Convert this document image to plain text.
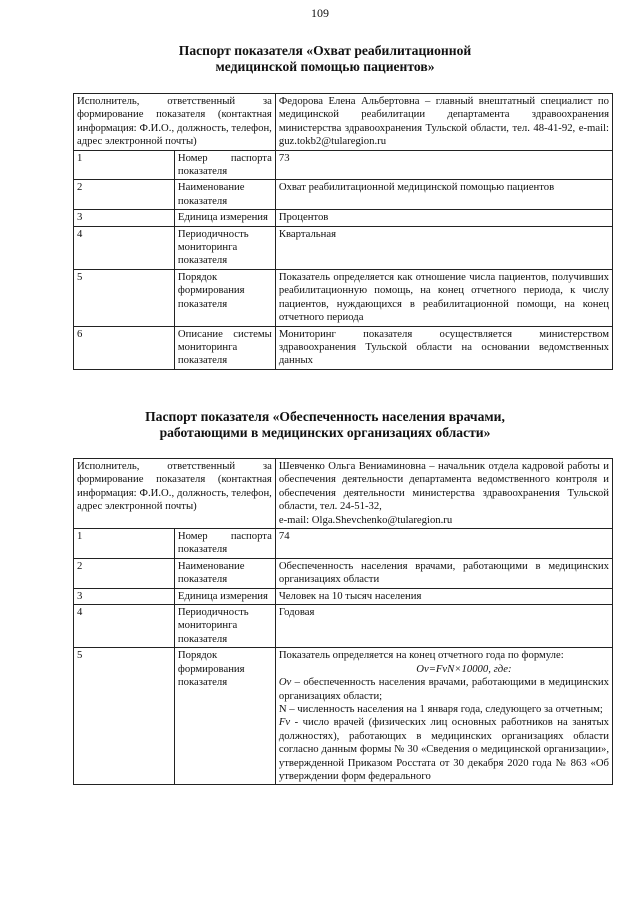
109
Паспорт показателя «Охват реабилитационной
медицинской помощью пациентов»
Исполнитель, ответственный за формирование показателя (контактная информация: Ф.И.О., должность, телефон, адрес электронной почты)		Федорова Елена Альбертовна – главный внештатный специалист по медицинской реабилитации департамента здравоохранения министерства здравоохранения Тульской области, тел. 48-41-92, e-mail: guz.tokb2@tularegion.ru
1	Номер паспорта показателя	73
2	Наименование показателя	Охват реабилитационной медицинской помощью пациентов
3	Единица измерения	Процентов
4	Периодичность мониторинга показателя	Квартальная
5	Порядок формирования показателя	Показатель определяется как отношение числа пациентов, получивших реабилитационную помощь, на конец отчетного периода, к числу пациентов, нуждающихся в реабилитационной помощи, на конец отчетного периода
6	Описание системы мониторинга показателя	Мониторинг показателя осуществляется министерством здравоохранения Тульской области на основании ведомственных данных
Паспорт показателя «Обеспеченность населения врачами,
работающими в медицинских организациях области»
Исполнитель, ответственный за формирование показателя (контактная информация: Ф.И.О., должность, телефон, адрес электронной почты)		Шевченко Ольга Вениаминовна – начальник отдела кадровой работы и обеспечения деятельности департамента ведомственного контроля и обеспечения деятельности министерства здравоохранения Тульской области, тел. 24-51-32,
e-mail: Olga.Shevchenko@tularegion.ru
1	Номер паспорта показателя	74
2	Наименование показателя	Обеспеченность населения врачами, работающими в медицинских организациях области
3	Единица измерения	Человек на 10 тысяч населения
4	Периодичность мониторинга показателя	Годовая
5	Порядок формирования показателя	Показатель определяется на конец отчетного года по формуле:
Ov=FvN×10000, где:
Ov – обеспеченность населения врачами, работающими в медицинских организациях области;
N – численность населения на 1 января года, следующего за отчетным;
Fv - число врачей (физических лиц основных работников на занятых должностях), работающих в медицинских организациях области согласно данным формы № 30 «Сведения о медицинской организации», утвержденной Приказом Росстата от 30 декабря 2020 года № 863 «Об утверждении форм федерального
